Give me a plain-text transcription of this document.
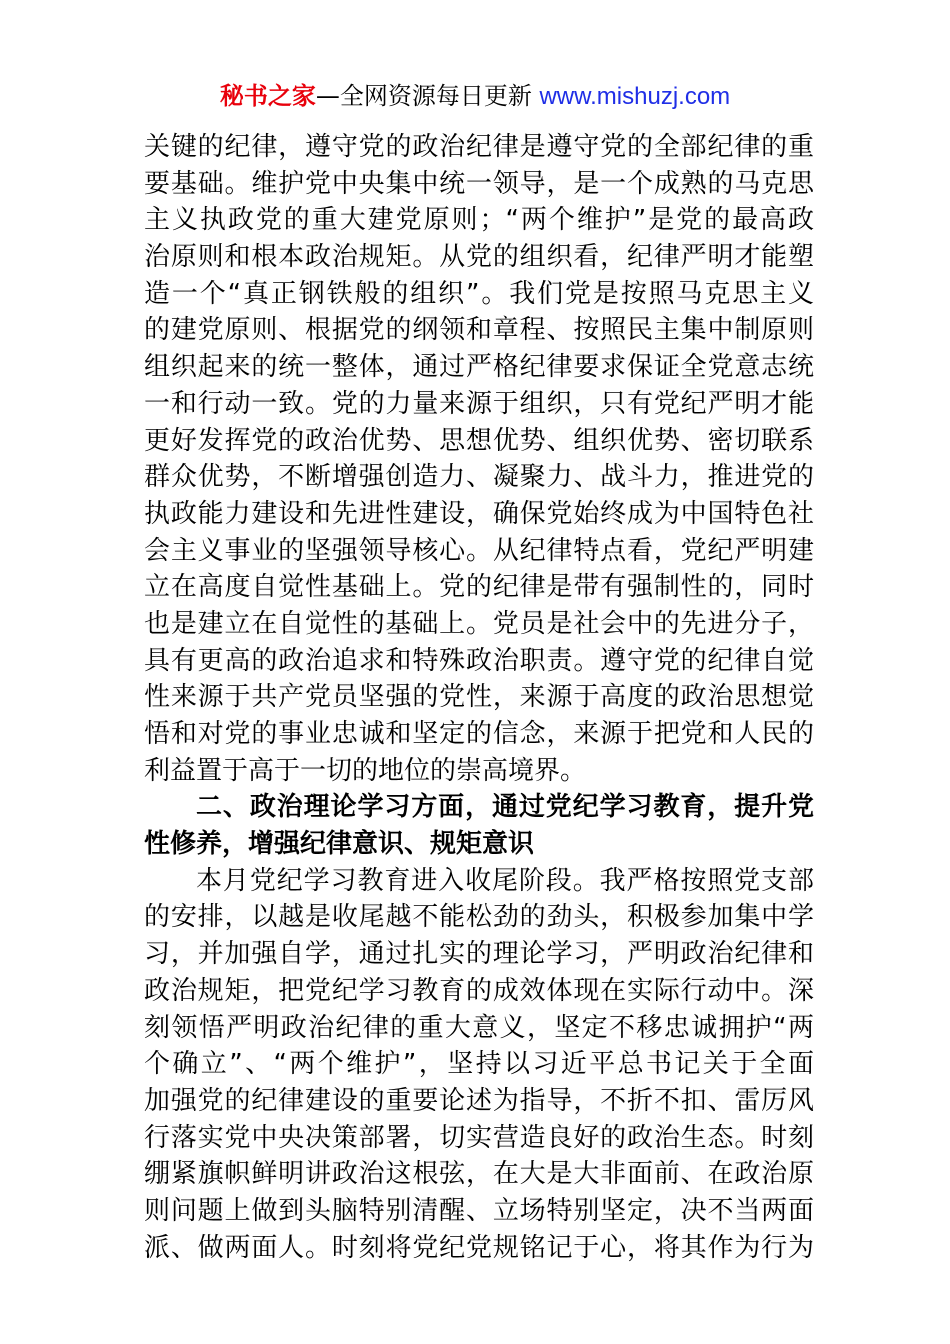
秘书之家—全网资源每日更新 www.mishuzj.com
关键的纪律，遵守党的政治纪律是遵守党的全部纪律的重
要基础。维护党中央集中统一领导，是一个成熟的马克思
主义执政党的重大建党原则；“两个维护”是党的最高政
治原则和根本政治规矩。从党的组织看，纪律严明才能塑
造一个“真正钢铁般的组织”。我们党是按照马克思主义
的建党原则、根据党的纲领和章程、按照民主集中制原则
组织起来的统一整体，通过严格纪律要求保证全党意志统
一和行动一致。党的力量来源于组织，只有党纪严明才能
更好发挥党的政治优势、思想优势、组织优势、密切联系
群众优势，不断增强创造力、凝聚力、战斗力，推进党的
执政能力建设和先进性建设，确保党始终成为中国特色社
会主义事业的坚强领导核心。从纪律特点看，党纪严明建
立在高度自觉性基础上。党的纪律是带有强制性的，同时
也是建立在自觉性的基础上。党员是社会中的先进分子，
具有更高的政治追求和特殊政治职责。遵守党的纪律自觉
性来源于共产党员坚强的党性，来源于高度的政治思想觉
悟和对党的事业忠诚和坚定的信念，来源于把党和人民的
利益置于高于一切的地位的崇高境界。
二、政治理论学习方面，通过党纪学习教育，提升党
性修养，增强纪律意识、规矩意识
本月党纪学习教育进入收尾阶段。我严格按照党支部
的安排，以越是收尾越不能松劲的劲头，积极参加集中学
习，并加强自学，通过扎实的理论学习，严明政治纪律和
政治规矩，把党纪学习教育的成效体现在实际行动中。深
刻领悟严明政治纪律的重大意义，坚定不移忠诚拥护“两
个确立”、“两个维护”，坚持以习近平总书记关于全面
加强党的纪律建设的重要论述为指导，不折不扣、雷厉风
行落实党中央决策部署，切实营造良好的政治生态。时刻
绷紧旗帜鲜明讲政治这根弦，在大是大非面前、在政治原
则问题上做到头脑特别清醒、立场特别坚定，决不当两面
派、做两面人。时刻将党纪党规铭记于心，将其作为行为
